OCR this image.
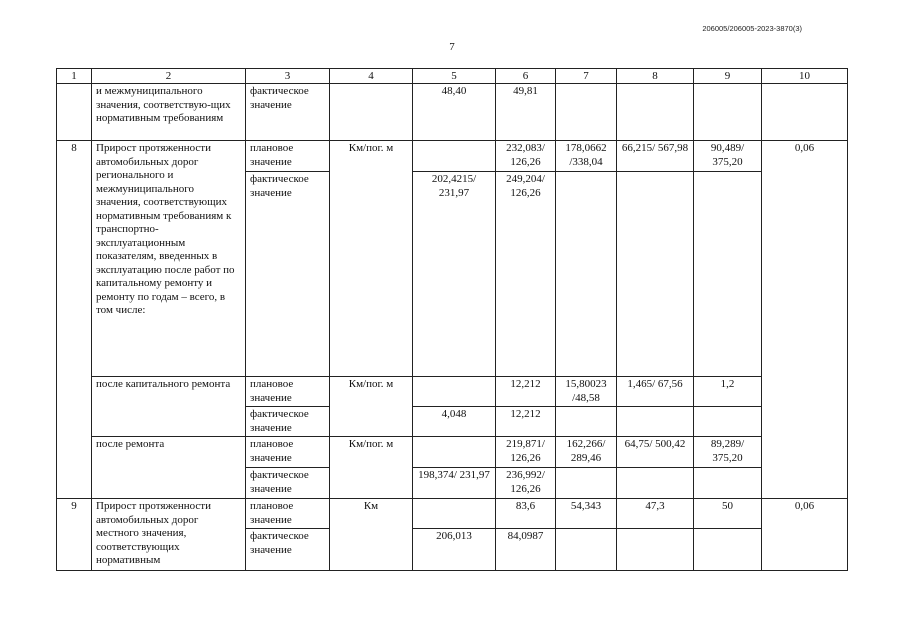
206005/206005-2023-3870(3)
7
1	2	3	4	5	6	7	8	9	10
	и межмуниципального значения, соответствую-щих нормативным требованиям	фактическое значение		48,40	49,81				
8	Прирост протяженности автомобильных дорог регионального и межмуниципального значения, соответствующих нормативным требованиям к транспортно-эксплуатационным показателям, введенных в эксплуатацию после работ по капитальному ремонту и ремонту по годам – всего, в том числе:	плановое значение	Км/пог. м		232,083/ 126,26	178,0662 /338,04	66,215/ 567,98	90,489/ 375,20	0,06
		фактическое значение		202,4215/ 231,97	249,204/ 126,26				
	после капитального ремонта	плановое значение	Км/пог. м		12,212	15,80023 /48,58	1,465/ 67,56	1,2	
		фактическое значение		4,048	12,212				
	после ремонта	плановое значение	Км/пог. м		219,871/ 126,26	162,266/ 289,46	64,75/ 500,42	89,289/ 375,20	
		фактическое значение		198,374/ 231,97	236,992/ 126,26				
9	Прирост протяженности автомобильных дорог местного значения, соответствующих нормативным	плановое значение	Км		83,6	54,343	47,3	50	0,06
		фактическое значение		206,013	84,0987				
